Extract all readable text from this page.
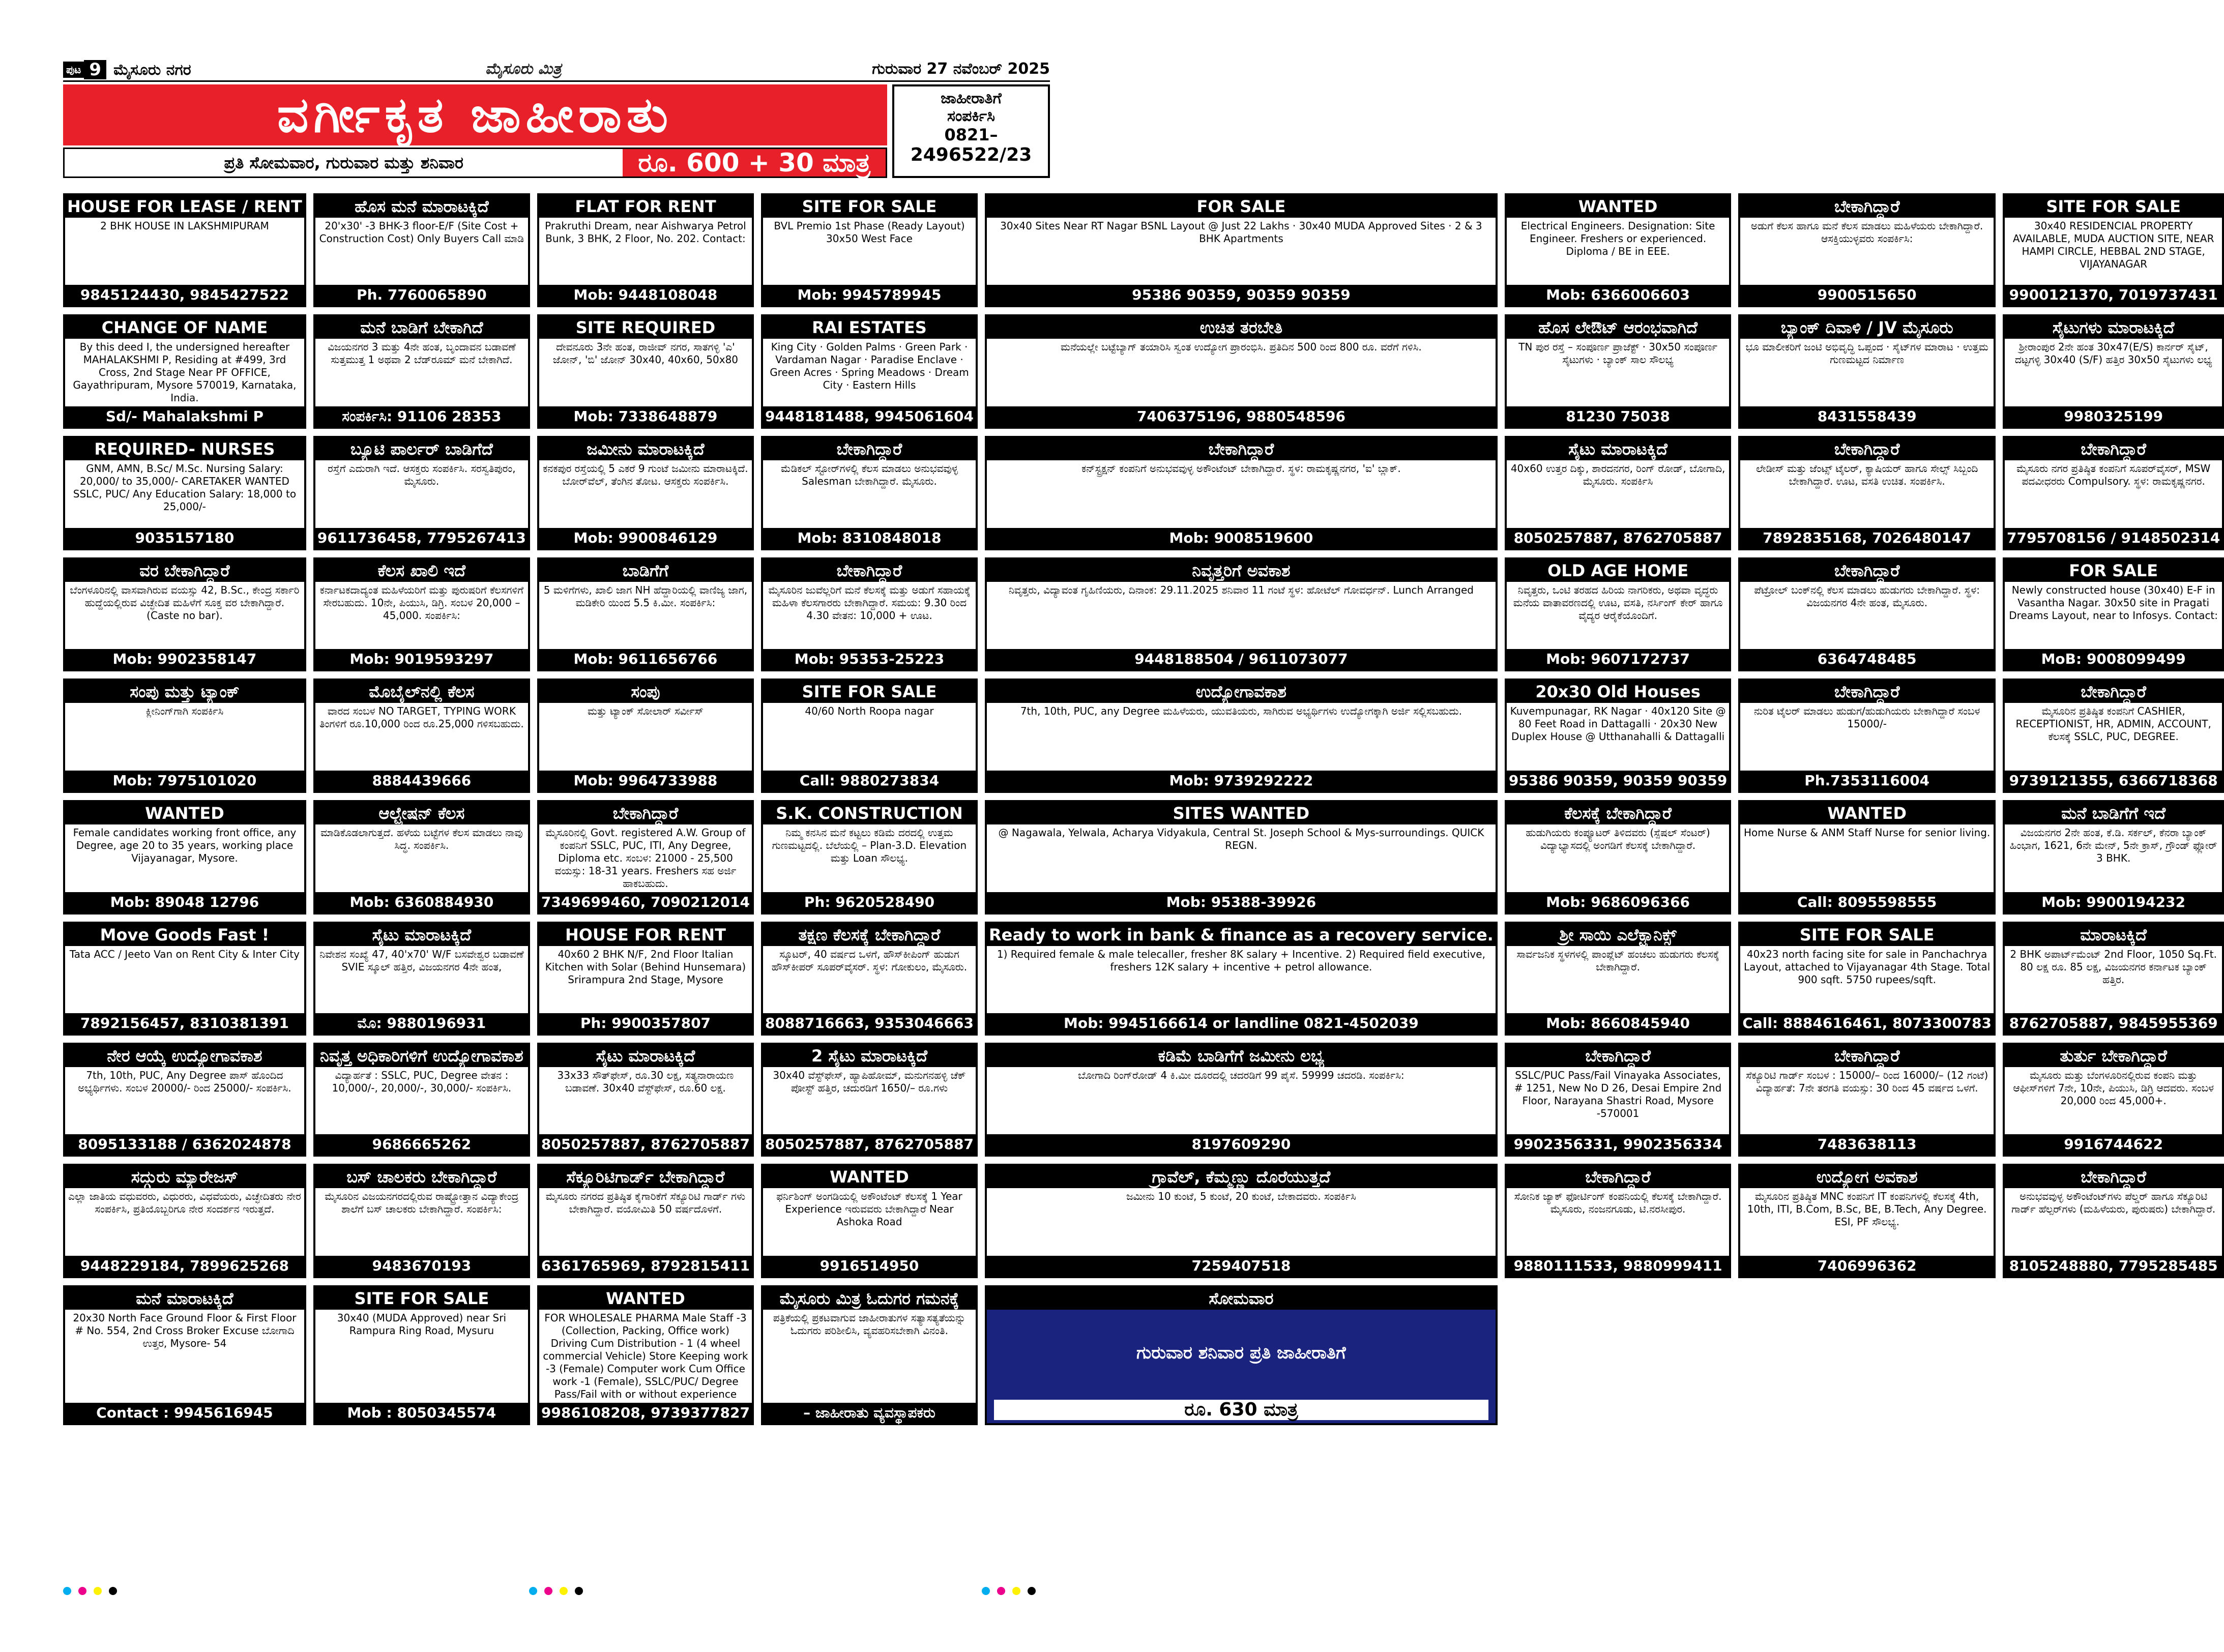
ಪುಟ 9 ಮೈಸೂರು ನಗರ	ಮೈಸೂರು ಮಿತ್ರ	ಗುರುವಾರ 27 ನವೆಂಬರ್ 2025
ವರ್ಗೀಕೃತ ಜಾಹೀರಾತು
ಪ್ರತಿ ಸೋಮವಾರ, ಗುರುವಾರ ಮತ್ತು ಶನಿವಾರ	ರೂ. 600 + 30 ಮಾತ್ರ
ಜಾಹೀರಾತಿಗೆ
ಸಂಪರ್ಕಿಸಿ
0821–
2496522/23
HOUSE FOR LEASE / RENT
2 BHK HOUSE IN LAKSHMIPURAM
9845124430, 9845427522
ಹೊಸ ಮನೆ ಮಾರಾಟಕ್ಕಿದೆ
20'x30' -3 BHK-3 floor-E/F (Site Cost + Construction Cost) Only Buyers Call ಮಾಡಿ
Ph. 7760065890
FLAT FOR RENT
Prakruthi Dream, near Aishwarya Petrol Bunk, 3 BHK, 2 Floor, No. 202. Contact:
Mob: 9448108048
SITE FOR SALE
BVL Premio 1st Phase (Ready Layout) 30x50 West Face
Mob: 9945789945
FOR SALE
30x40 Sites Near RT Nagar BSNL Layout @ Just 22 Lakhs · 30x40 MUDA Approved Sites · 2 & 3 BHK Apartments
95386 90359, 90359 90359
WANTED
Electrical Engineers. Designation: Site Engineer. Freshers or experienced. Diploma / BE in EEE.
Mob: 6366006603
ಬೇಕಾಗಿದ್ದಾರೆ
ಅಡುಗೆ ಕೆಲಸ ಹಾಗೂ ಮನೆ ಕೆಲಸ ಮಾಡಲು ಮಹಿಳೆಯರು ಬೇಕಾಗಿದ್ದಾರೆ. ಆಸಕ್ತಿಯುಳ್ಳವರು ಸಂಪರ್ಕಿಸಿ:
9900515650
SITE FOR SALE
30x40 RESIDENCIAL PROPERTY AVAILABLE, MUDA AUCTION SITE, NEAR HAMPI CIRCLE, HEBBAL 2ND STAGE, VIJAYANAGAR
9900121370, 7019737431
CHANGE OF NAME
By this deed I, the undersigned hereafter MAHALAKSHMI P, Residing at #499, 3rd Cross, 2nd Stage Near PF OFFICE, Gayathripuram, Mysore 570019, Karnataka, India.
Sd/- Mahalakshmi P
ಮನೆ ಬಾಡಿಗೆ ಬೇಕಾಗಿದೆ
ವಿಜಯನಗರ 3 ಮತ್ತು 4ನೇ ಹಂತ, ಬೃಂದಾವನ ಬಡಾವಣೆ ಸುತ್ತಮುತ್ತ 1 ಅಥವಾ 2 ಬೆಡ್‌ರೂಮ್ ಮನೆ ಬೇಕಾಗಿದೆ.
ಸಂಪರ್ಕಿಸಿ: 91106 28353
SITE REQUIRED
ದೇವನೂರು 3ನೇ ಹಂತ, ರಾಜೀವ್ ನಗರ, ಸಾತಗಳ್ಳಿ 'ಎ' ಜೋನ್, 'ಬಿ' ಜೋನ್ 30x40, 40x60, 50x80
Mob: 7338648879
RAI ESTATES
King City · Golden Palms · Green Park · Vardaman Nagar · Paradise Enclave · Green Acres · Spring Meadows · Dream City · Eastern Hills
9448181488, 9945061604
ಉಚಿತ ತರಬೇತಿ
ಮನೆಯಲ್ಲೇ ಬಟ್ಟೆಬ್ಯಾಗ್ ತಯಾರಿಸಿ ಸ್ವಂತ ಉದ್ಯೋಗ ಪ್ರಾರಂಭಿಸಿ. ಪ್ರತಿದಿನ 500 ರಿಂದ 800 ರೂ. ವರೆಗೆ ಗಳಿಸಿ.
7406375196, 9880548596
ಹೊಸ ಲೇಔಟ್ ಆರಂಭವಾಗಿದೆ
TN ಪುರ ರಸ್ತೆ – ಸಂಪೂರ್ಣ ಪ್ರಾಜೆಕ್ಟ್ · 30x50 ಸಂಪೂರ್ಣ ಸೈಟುಗಳು · ಬ್ಯಾಂಕ್ ಸಾಲ ಸೌಲಭ್ಯ
81230 75038
ಬ್ಯಾಂಕ್ ದಿವಾಳಿ / JV ಮೈಸೂರು
ಭೂ ಮಾಲೀಕರಿಗೆ ಜಂಟಿ ಅಭಿವೃದ್ಧಿ ಒಪ್ಪಂದ · ಸೈಟ್‌ಗಳ ಮಾರಾಟ · ಉತ್ತಮ ಗುಣಮಟ್ಟದ ನಿರ್ಮಾಣ
8431558439
ಸೈಟುಗಳು ಮಾರಾಟಕ್ಕಿದೆ
ಶ್ರೀರಾಂಪುರ 2ನೇ ಹಂತ 30x47(E/S) ಕಾರ್ನರ್ ಸೈಟ್, ದಟ್ಟಗಳ್ಳಿ 30x40 (S/F) ಹತ್ತಿರ 30x50 ಸೈಟುಗಳು ಲಭ್ಯ
9980325199
REQUIRED- NURSES
GNM, AMN, B.Sc/ M.Sc. Nursing Salary: 20,000/ to 35,000/- CARETAKER WANTED SSLC, PUC/ Any Education Salary: 18,000 to 25,000/-
9035157180
ಬ್ಯೂಟಿ ಪಾರ್ಲರ್ ಬಾಡಿಗೆದೆ
ರಸ್ತೆಗೆ ಎದುರಾಗಿ ಇದೆ. ಆಸಕ್ತರು ಸಂಪರ್ಕಿಸಿ. ಸರಸ್ವತಿಪುರಂ, ಮೈಸೂರು.
9611736458, 7795267413
ಜಮೀನು ಮಾರಾಟಕ್ಕಿದೆ
ಕನಕಪುರ ರಸ್ತೆಯಲ್ಲಿ 5 ಎಕರೆ 9 ಗುಂಟೆ ಜಮೀನು ಮಾರಾಟಕ್ಕಿದೆ. ಬೋರ್‌ವೆಲ್, ತೆಂಗಿನ ತೋಟ. ಆಸಕ್ತರು ಸಂಪರ್ಕಿಸಿ.
Mob: 9900846129
ಬೇಕಾಗಿದ್ದಾರೆ
ಮೆಡಿಕಲ್ ಸ್ಟೋರ್‌ಗಳಲ್ಲಿ ಕೆಲಸ ಮಾಡಲು ಅನುಭವವುಳ್ಳ Salesman ಬೇಕಾಗಿದ್ದಾರೆ. ಮೈಸೂರು.
Mob: 8310848018
ಬೇಕಾಗಿದ್ದಾರೆ
ಕನ್‌ಸ್ಟ್ರಕ್ಷನ್ ಕಂಪನಿಗೆ ಅನುಭವವುಳ್ಳ ಅಕೌಂಟೆಂಟ್ ಬೇಕಾಗಿದ್ದಾರೆ. ಸ್ಥಳ: ರಾಮಕೃಷ್ಣನಗರ, 'ಐ' ಬ್ಲಾಕ್.
Mob: 9008519600
ಸೈಟು ಮಾರಾಟಕ್ಕಿದೆ
40x60 ಉತ್ತರ ದಿಕ್ಕು, ಶಾರದನಗರ, ರಿಂಗ್ ರೋಡ್, ಬೋಗಾದಿ, ಮೈಸೂರು. ಸಂಪರ್ಕಿಸಿ
8050257887, 8762705887
ಬೇಕಾಗಿದ್ದಾರೆ
ಲೇಡೀಸ್ ಮತ್ತು ಜೆಂಟ್ಸ್ ಟೈಲರ್, ಕ್ಯಾಷಿಯರ್ ಹಾಗೂ ಸೇಲ್ಸ್ ಸಿಬ್ಬಂದಿ ಬೇಕಾಗಿದ್ದಾರೆ. ಊಟ, ವಸತಿ ಉಚಿತ. ಸಂಪರ್ಕಿಸಿ.
7892835168, 7026480147
ಬೇಕಾಗಿದ್ದಾರೆ
ಮೈಸೂರು ನಗರ ಪ್ರತಿಷ್ಠಿತ ಕಂಪನಿಗೆ ಸೂಪರ್‌ವೈಸರ್, MSW ಪದವೀಧರರು Compulsory. ಸ್ಥಳ: ರಾಮಕೃಷ್ಣನಗರ.
7795708156 / 9148502314
ವರ ಬೇಕಾಗಿದ್ದಾರೆ
ಬೆಂಗಳೂರಿನಲ್ಲಿ ವಾಸವಾಗಿರುವ ವಯಸ್ಸು 42, B.Sc., ಕೇಂದ್ರ ಸರ್ಕಾರಿ ಹುದ್ದೆಯಲ್ಲಿರುವ ವಿಚ್ಛೇದಿತ ಮಹಿಳೆಗೆ ಸೂಕ್ತ ವರ ಬೇಕಾಗಿದ್ದಾರೆ. (Caste no bar).
Mob: 9902358147
ಕೆಲಸ ಖಾಲಿ ಇದೆ
ಕರ್ನಾಟಕದಾದ್ಯಂತ ಮಹಿಳೆಯರಿಗೆ ಮತ್ತು ಪುರುಷರಿಗೆ ಕೆಲಸಗಳಿಗೆ ಸೇರಬಹುದು. 10ನೇ, ಪಿಯುಸಿ, ಡಿಗ್ರಿ. ಸಂಬಳ 20,000 – 45,000. ಸಂಪರ್ಕಿಸಿ:
Mob: 9019593297
ಬಾಡಿಗೆಗೆ
5 ಮಳಿಗೆಗಳು, ಖಾಲಿ ಜಾಗ NH ಹೆದ್ದಾರಿಯಲ್ಲಿ ವಾಣಿಜ್ಯ ಜಾಗ, ಮಡಿಕೇರಿ ಯಿಂದ 5.5 ಕಿ.ಮೀ. ಸಂಪರ್ಕಿಸಿ:
Mob: 9611656766
ಬೇಕಾಗಿದ್ದಾರೆ
ಮೈಸೂರಿನ ಜುವೆಲ್ಲರಿಗೆ ಮನೆ ಕೆಲಸಕ್ಕೆ ಮತ್ತು ಅಡುಗೆ ಸಹಾಯಕ್ಕೆ ಮಹಿಳಾ ಕೆಲಸಗಾರರು ಬೇಕಾಗಿದ್ದಾರೆ. ಸಮಯ: 9.30 ರಿಂದ 4.30 ವೇತನ: 10,000 + ಊಟ.
Mob: 95353-25223
ನಿವೃತ್ತರಿಗೆ ಅವಕಾಶ
ನಿವೃತ್ತರು, ವಿದ್ಯಾವಂತ ಗೃಹಿಣಿಯರು, ದಿನಾಂಕ: 29.11.2025 ಶನಿವಾರ 11 ಗಂಟೆ ಸ್ಥಳ: ಹೋಟೆಲ್ ಗೋವರ್ಧನ್. Lunch Arranged
9448188504 / 9611073077
OLD AGE HOME
ನಿವೃತ್ತರು, ಒಂಟಿ ತರಹದ ಹಿರಿಯ ನಾಗರಿಕರು, ಅಥವಾ ವೃದ್ಧರು ಮನೆಯ ವಾತಾವರಣದಲ್ಲಿ ಊಟ, ವಸತಿ, ನರ್ಸಿಂಗ್ ಕೇರ್ ಹಾಗೂ ವೈದ್ಯರ ಆರೈಕೆಯೊಂದಿಗೆ.
Mob: 9607172737
ಬೇಕಾಗಿದ್ದಾರೆ
ಪೆಟ್ರೋಲ್ ಬಂಕ್‌ನಲ್ಲಿ ಕೆಲಸ ಮಾಡಲು ಹುಡುಗರು ಬೇಕಾಗಿದ್ದಾರೆ. ಸ್ಥಳ: ವಿಜಯನಗರ 4ನೇ ಹಂತ, ಮೈಸೂರು.
6364748485
FOR SALE
Newly constructed house (30x40) E-F in Vasantha Nagar. 30x50 site in Pragati Dreams Layout, near to Infosys. Contact:
MoB: 9008099499
ಸಂಪು ಮತ್ತು ಟ್ಯಾಂಕ್
ಕ್ಲೀನಿಂಗ್‌ಗಾಗಿ ಸಂಪರ್ಕಿಸಿ
Mob: 7975101020
ಮೊಬೈಲ್‌ನಲ್ಲಿ ಕೆಲಸ
ವಾರದ ಸಂಬಳ NO TARGET, TYPING WORK ತಿಂಗಳಿಗೆ ರೂ.10,000 ರಿಂದ ರೂ.25,000 ಗಳಿಸಬಹುದು.
8884439666
ಸಂಪು
ಮತ್ತು ಟ್ಯಾಂಕ್ ಸೋಲಾರ್ ಸರ್ವೀಸ್
Mob: 9964733988
SITE FOR SALE
40/60 North Roopa nagar
Call: 9880273834
ಉದ್ಯೋಗಾವಕಾಶ
7th, 10th, PUC, any Degree ಮಹಿಳೆಯರು, ಯುವತಿಯರು, ಸಾಗಿರುವ ಅಭ್ಯರ್ಥಿಗಳು ಉದ್ಯೋಗಕ್ಕಾಗಿ ಅರ್ಜಿ ಸಲ್ಲಿಸಬಹುದು.
Mob: 9739292222
20x30 Old Houses
Kuvempunagar, RK Nagar · 40x120 Site @ 80 Feet Road in Dattagalli · 20x30 New Duplex House @ Utthanahalli & Dattagalli
95386 90359, 90359 90359
ಬೇಕಾಗಿದ್ದಾರೆ
ನುರಿತ ಟೈಲರ್ ಮಾಡಲು ಹುಡುಗ/ಹುಡುಗಿಯರು ಬೇಕಾಗಿದ್ದಾರೆ ಸಂಬಳ 15000/-
Ph.7353116004
ಬೇಕಾಗಿದ್ದಾರೆ
ಮೈಸೂರಿನ ಪ್ರತಿಷ್ಠಿತ ಕಂಪನಿಗೆ CASHIER, RECEPTIONIST, HR, ADMIN, ACCOUNT, ಕೆಲಸಕ್ಕೆ SSLC, PUC, DEGREE.
9739121355, 6366718368
WANTED
Female candidates working front office, any Degree, age 20 to 35 years, working place Vijayanagar, Mysore.
Mob: 89048 12796
ಆಲ್ಟ್ರೇಷನ್ ಕೆಲಸ
ಮಾಡಿಕೊಡಲಾಗುತ್ತದೆ. ಹಳೆಯ ಬಟ್ಟೆಗಳ ಕೆಲಸ ಮಾಡಲು ನಾವು ಸಿದ್ಧ. ಸಂಪರ್ಕಿಸಿ.
Mob: 6360884930
ಬೇಕಾಗಿದ್ದಾರೆ
ಮೈಸೂರಿನಲ್ಲಿ Govt. registered A.W. Group of ಕಂಪನಿಗೆ SSLC, PUC, ITI, Any Degree, Diploma etc. ಸಂಬಳ: 21000 - 25,500 ವಯಸ್ಸು: 18-31 years. Freshers ಸಹ ಅರ್ಜಿ ಹಾಕಬಹುದು.
7349699460, 7090212014
S.K. CONSTRUCTION
ನಿಮ್ಮ ಕನಸಿನ ಮನೆ ಕಟ್ಟಲು ಕಡಿಮೆ ದರದಲ್ಲಿ ಉತ್ತಮ ಗುಣಮಟ್ಟದಲ್ಲಿ. ಬೆಲೆಯಲ್ಲಿ – Plan-3.D. Elevation ಮತ್ತು Loan ಸೌಲಭ್ಯ.
Ph: 9620528490
SITES WANTED
@ Nagawala, Yelwala, Acharya Vidyakula, Central St. Joseph School & Mys-surroundings. QUICK REGN.
Mob: 95388-39926
ಕೆಲಸಕ್ಕೆ ಬೇಕಾಗಿದ್ದಾರೆ
ಹುಡುಗಿಯರು ಕಂಪ್ಯೂಟರ್ ತಿಳಿದವರು (ಸ್ಪೆಷಲ್ ಸೆಂಟರ್) ವಿದ್ಯಾಭ್ಯಾಸದಲ್ಲಿ ಅಂಗಡಿಗೆ ಕೆಲಸಕ್ಕೆ ಬೇಕಾಗಿದ್ದಾರೆ.
Mob: 9686096366
WANTED
Home Nurse & ANM Staff Nurse for senior living.
Call: 8095598555
ಮನೆ ಬಾಡಿಗೆಗೆ ಇದೆ
ವಿಜಯನಗರ 2ನೇ ಹಂತ, ಕೆ.ಡಿ. ಸರ್ಕಲ್, ಕೆನರಾ ಬ್ಯಾಂಕ್ ಹಿಂಭಾಗ, 1621, 6ನೇ ಮೇನ್, 5ನೇ ಕ್ರಾಸ್, ಗ್ರೌಂಡ್ ಫ್ಲೋರ್ 3 BHK.
Mob: 9900194232
Move Goods Fast !
Tata ACC / Jeeto Van on Rent City & Inter City
7892156457, 8310381391
ಸೈಟು ಮಾರಾಟಕ್ಕಿದೆ
ನಿವೇಶನ ಸಂಖ್ಯೆ 47, 40'x70' W/F ಬಸವೇಶ್ವರ ಬಡಾವಣೆ SVIE ಸ್ಕೂಲ್ ಹತ್ತಿರ, ವಿಜಯನಗರ 4ನೇ ಹಂತ,
ಮೊ: 9880196931
HOUSE FOR RENT
40x60 2 BHK N/F, 2nd Floor Italian Kitchen with Solar (Behind Hunsemara) Srirampura 2nd Stage, Mysore
Ph: 9900357807
ತಕ್ಷಣ ಕೆಲಸಕ್ಕೆ ಬೇಕಾಗಿದ್ದಾರೆ
ಸ್ಕೂಟರ್, 40 ವರ್ಷದ ಒಳಗೆ, ಹೌಸ್‌ಕೀಪಿಂಗ್ ಹುಡುಗ ಹೌಸ್‌ಕೀಪರ್ ಸೂಪರ್‌ವೈಸರ್. ಸ್ಥಳ: ಗೋಕುಲಂ, ಮೈಸೂರು.
8088716663, 9353046663
Ready to work in bank & finance as a recovery service.
1) Required female & male telecaller, fresher 8K salary + Incentive. 2) Required field executive, freshers 12K salary + incentive + petrol allowance.
Mob: 9945166614 or landline 0821-4502039
ಶ್ರೀ ಸಾಯಿ ಎಲೆಕ್ಟ್ರಾನಿಕ್ಸ್
ಸಾರ್ವಜನಿಕ ಸ್ಥಳಗಳಲ್ಲಿ ಪಾಂಪ್ಲೆಟ್ ಹಂಚಲು ಹುಡುಗರು ಕೆಲಸಕ್ಕೆ ಬೇಕಾಗಿದ್ದಾರೆ.
Mob: 8660845940
SITE FOR SALE
40x23 north facing site for sale in Panchachrya Layout, attached to Vijayanagar 4th Stage. Total 900 sqft. 5750 rupees/sqft.
Call: 8884616461, 8073300783
ಮಾರಾಟಕ್ಕಿದೆ
2 BHK ಅಪಾರ್ಟ್‌ಮೆಂಟ್ 2nd Floor, 1050 Sq.Ft. 80 ಲಕ್ಷ ರೂ. 85 ಲಕ್ಷ, ವಿಜಯನಗರ ಕರ್ನಾಟಕ ಬ್ಯಾಂಕ್ ಹತ್ತಿರ.
8762705887, 9845955369
ನೇರ ಆಯ್ಕೆ ಉದ್ಯೋಗಾವಕಾಶ
7th, 10th, PUC, Any Degree ಪಾಸ್ ಹೊಂದಿದ ಅಭ್ಯರ್ಥಿಗಳು. ಸಂಬಳ 20000/- ರಿಂದ 25000/- ಸಂಪರ್ಕಿಸಿ.
8095133188 / 6362024878
ನಿವೃತ್ತ ಅಧಿಕಾರಿಗಳಿಗೆ ಉದ್ಯೋಗಾವಕಾಶ
ವಿದ್ಯಾರ್ಹತೆ : SSLC, PUC, Degree ವೇತನ : 10,000/-, 20,000/-, 30,000/- ಸಂಪರ್ಕಿಸಿ.
9686665262
ಸೈಟು ಮಾರಾಟಕ್ಕಿದೆ
33x33 ಸೌತ್‌ಫೇಸ್, ರೂ.30 ಲಕ್ಷ, ಸತ್ಯನಾರಾಯಣ ಬಡಾವಣೆ. 30x40 ವೆಸ್ಟ್‌ಫೇಸ್, ರೂ.60 ಲಕ್ಷ.
8050257887, 8762705887
2 ಸೈಟು ಮಾರಾಟಕ್ಕಿದೆ
30x40 ವೆಸ್ಟ್‌ಫೇಸ್, ಹ್ಯಾಪಿಹೋಮ್, ಮನುಗನಹಳ್ಳಿ ಚೆಕ್ ಪೋಸ್ಟ್ ಹತ್ತಿರ, ಚದುರಡಿಗೆ 1650/– ರೂ.ಗಳು
8050257887, 8762705887
ಕಡಿಮೆ ಬಾಡಿಗೆಗೆ ಜಮೀನು ಲಭ್ಯ
ಬೋಗಾದಿ ರಿಂಗ್‌ರೋಡ್ 4 ಕಿ.ಮೀ ದೂರದಲ್ಲಿ ಚದರಡಿಗೆ 99 ಪೈಸೆ. 59999 ಚದರಡಿ. ಸಂಪರ್ಕಿಸಿ:
8197609290
ಬೇಕಾಗಿದ್ದಾರೆ
SSLC/PUC Pass/Fail Vinayaka Associates, # 1251, New No D 26, Desai Empire 2nd Floor, Narayana Shastri Road, Mysore -570001
9902356331, 9902356334
ಬೇಕಾಗಿದ್ದಾರೆ
ಸೆಕ್ಯೂರಿಟಿ ಗಾರ್ಡ್ ಸಂಬಳ : 15000/– ರಿಂದ 16000/– (12 ಗಂಟೆ) ವಿದ್ಯಾರ್ಹತೆ: 7ನೇ ತರಗತಿ ವಯಸ್ಸು: 30 ರಿಂದ 45 ವರ್ಷದ ಒಳಗೆ.
7483638113
ತುರ್ತು ಬೇಕಾಗಿದ್ದಾರೆ
ಮೈಸೂರು ಮತ್ತು ಬೆಂಗಳೂರಿನಲ್ಲಿರುವ ಕಂಪನಿ ಮತ್ತು ಆಫೀಸ್‌ಗಳಿಗೆ 7ನೇ, 10ನೇ, ಪಿಯುಸಿ, ಡಿಗ್ರಿ ಆದವರು. ಸಂಬಳ 20,000 ರಿಂದ 45,000+.
9916744622
ಸದ್ಗುರು ಮ್ಯಾರೇಜಸ್
ಎಲ್ಲಾ ಜಾತಿಯ ವಧುವರರು, ವಿಧುರರು, ವಿಧವೆಯರು, ವಿಚ್ಛೇದಿತರು ನೇರ ಸಂಪರ್ಕಿಸಿ, ಪ್ರತಿಯೊಬ್ಬರಿಗೂ ನೇರ ಸಂದರ್ಶನ ಇರುತ್ತದೆ.
9448229184, 7899625268
ಬಸ್ ಚಾಲಕರು ಬೇಕಾಗಿದ್ದಾರೆ
ಮೈಸೂರಿನ ವಿಜಯನಗರದಲ್ಲಿರುವ ರಾಷ್ಟ್ರೋತ್ತಾನ ವಿದ್ಯಾಕೇಂದ್ರ ಶಾಲೆಗೆ ಬಸ್ ಚಾಲಕರು ಬೇಕಾಗಿದ್ದಾರೆ. ಸಂಪರ್ಕಿಸಿ:
9483670193
ಸೆಕ್ಯೂರಿಟಿಗಾರ್ಡ್ ಬೇಕಾಗಿದ್ದಾರೆ
ಮೈಸೂರು ನಗರದ ಪ್ರತಿಷ್ಠಿತ ಕೈಗಾರಿಕೆಗೆ ಸೆಕ್ಯೂರಿಟಿ ಗಾರ್ಡ್ ಗಳು ಬೇಕಾಗಿದ್ದಾರೆ. ವಯೋಮಿತಿ 50 ವರ್ಷದೊಳಗೆ.
6361765969, 8792815411
WANTED
ಫರ್ನಿಶಿಂಗ್ ಅಂಗಡಿಯಲ್ಲಿ ಅಕೌಂಟೆಂಟ್ ಕೆಲಸಕ್ಕೆ 1 Year Experience ಇರುವವರು ಬೇಕಾಗಿದ್ದಾರೆ Near Ashoka Road
9916514950
ಗ್ರಾವೆಲ್, ಕೆಮ್ಮಣ್ಣು ದೊರೆಯುತ್ತದೆ
ಜಮೀನು 10 ಕುಂಟೆ, 5 ಕುಂಟೆ, 20 ಕುಂಟೆ, ಬೇಕಾದವರು. ಸಂಪರ್ಕಿಸಿ
7259407518
ಬೇಕಾಗಿದ್ದಾರೆ
ಸೋನಿಕ ಜ್ಯಾಕ್ ಫೋರ್ಟಿಂಗ್ ಕಂಪನಿಯಲ್ಲಿ ಕೆಲಸಕ್ಕೆ ಬೇಕಾಗಿದ್ದಾರೆ. ಮೈಸೂರು, ನಂಜನಗೂಡು, ಟಿ.ನರಸೀಪುರ.
9880111533, 9880999411
ಉದ್ಯೋಗ ಅವಕಾಶ
ಮೈಸೂರಿನ ಪ್ರತಿಷ್ಠಿತ MNC ಕಂಪನಿಗೆ IT ಕಂಪನಿಗಳಲ್ಲಿ ಕೆಲಸಕ್ಕೆ 4th, 10th, ITI, B.Com, B.Sc, BE, B.Tech, Any Degree. ESI, PF ಸೌಲಭ್ಯ.
7406996362
ಬೇಕಾಗಿದ್ದಾರೆ
ಅನುಭವವುಳ್ಳ ಅಕೌಂಟೆಂಟ್‌ಗಳು ಪೆಲ್ಡರ್ ಹಾಗೂ ಸೆಕ್ಯೂರಿಟಿ ಗಾರ್ಡ್ ಹೆಲ್ಪರ್‌ಗಳು (ಮಹಿಳೆಯರು, ಪುರುಷರು) ಬೇಕಾಗಿದ್ದಾರೆ.
8105248880, 7795285485
ಮನೆ ಮಾರಾಟಕ್ಕಿದೆ
20x30 North Face Ground Floor & First Floor # No. 554, 2nd Cross Broker Excuse ಬೋಗಾದಿ ಉತ್ತರ, Mysore- 54
Contact : 9945616945
SITE FOR SALE
30x40 (MUDA Approved) near Sri Rampura Ring Road, Mysuru
Mob : 8050345574
WANTED
FOR WHOLESALE PHARMA Male Staff -3 (Collection, Packing, Office work) Driving Cum Distribution - 1 (4 wheel commercial Vehicle) Store Keeping work -3 (Female) Computer work Cum Office work -1 (Female), SSLC/PUC/ Degree Pass/Fail with or without experience
9986108208, 9739377827
ಮೈಸೂರು ಮಿತ್ರ ಓದುಗರ ಗಮನಕ್ಕೆ
ಪತ್ರಿಕೆಯಲ್ಲಿ ಪ್ರಕಟವಾಗುವ ಜಾಹೀರಾತುಗಳ ಸತ್ಯಾಸತ್ಯತೆಯನ್ನು ಓದುಗರು ಪರಿಶೀಲಿಸಿ, ವ್ಯವಹರಿಸಬೇಕಾಗಿ ವಿನಂತಿ.
– ಜಾಹೀರಾತು ವ್ಯವಸ್ಥಾಪಕರು
ಸೋಮವಾರ
ಗುರುವಾರ ಶನಿವಾರ ಪ್ರತಿ ಜಾಹೀರಾತಿಗೆ
ರೂ. 630 ಮಾತ್ರ
